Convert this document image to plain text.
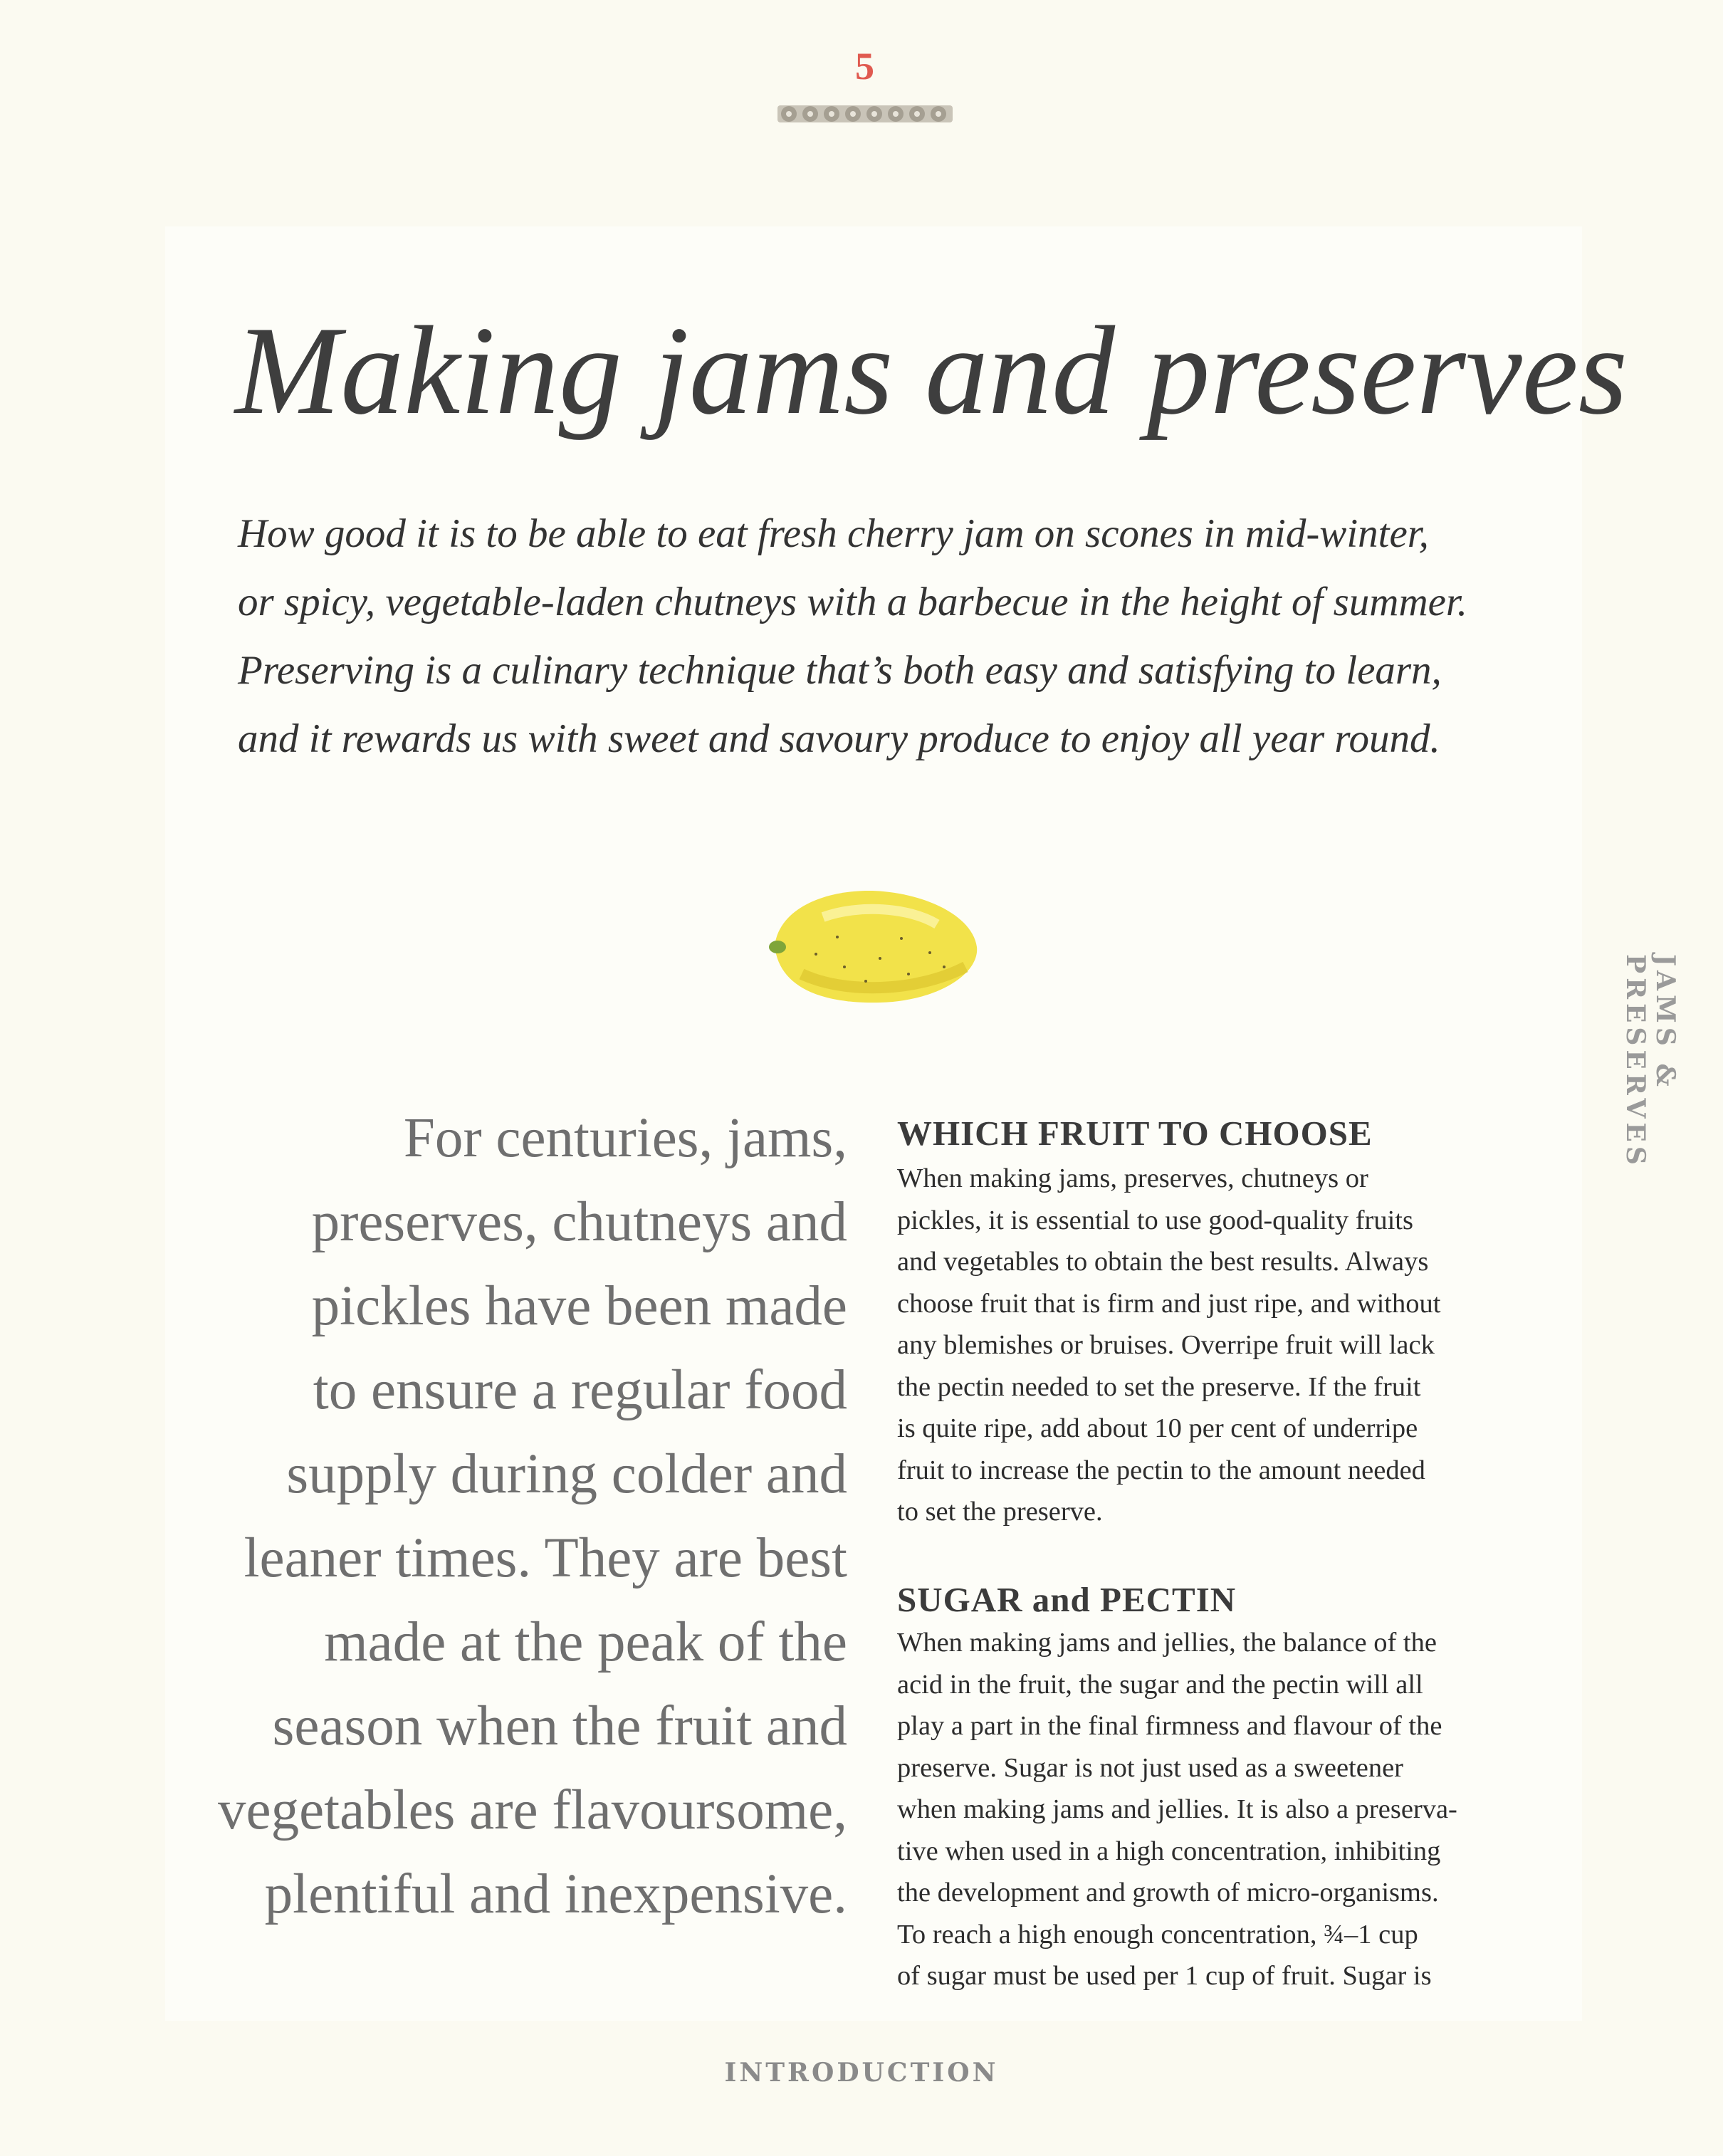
5
Making jams and preserves
How good it is to be able to eat fresh cherry jam on scones in mid-winter,
or spicy, vegetable-laden chutneys with a barbecue in the height of summer.
Preserving is a culinary technique that’s both easy and satisfying to learn,
and it rewards us with sweet and savoury produce to enjoy all year round.
For centuries, jams,
preserves, chutneys and
pickles have been made
to ensure a regular food
supply during colder and
leaner times. They are best
made at the peak of the
season when the fruit and
vegetables are flavoursome,
plentiful and inexpensive.
WHICH FRUIT TO CHOOSE
When making jams, preserves, chutneys or
pickles, it is essential to use good-quality fruits
and vegetables to obtain the best results. Always
choose fruit that is firm and just ripe, and without
any blemishes or bruises. Overripe fruit will lack
the pectin needed to set the preserve. If the fruit
is quite ripe, add about 10 per cent of underripe
fruit to increase the pectin to the amount needed
to set the preserve.
SUGAR and PECTIN
When making jams and jellies, the balance of the
acid in the fruit, the sugar and the pectin will all
play a part in the final firmness and flavour of the
preserve. Sugar is not just used as a sweetener
when making jams and jellies. It is also a preserva-
tive when used in a high concentration, inhibiting
the development and growth of micro-organisms.
To reach a high enough concentration, ¾–1 cup
of sugar must be used per 1 cup of fruit. Sugar is
JAMS & PRESERVES
INTRODUCTION
